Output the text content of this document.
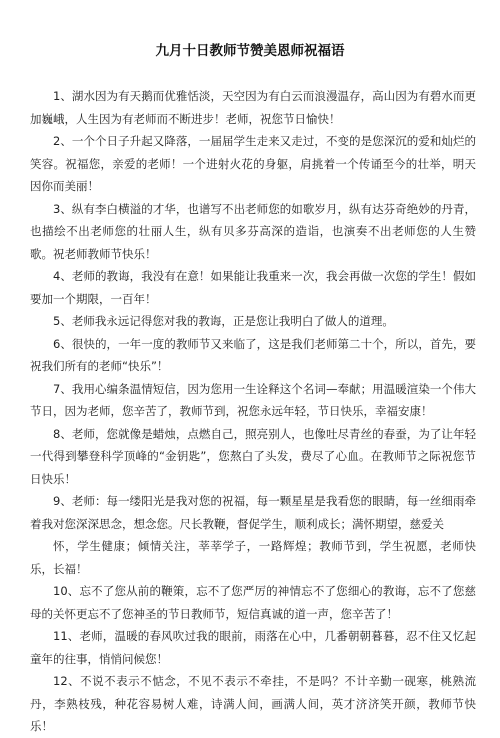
九月十日教师节赞美恩师祝福语

1、湖水因为有天鹅而优雅恬淡，天空因为有白云而浪漫温存，高山因为有碧水而更加巍峨，人生因为有老师而不断进步！老师，祝您节日愉快！

2、一个个日子升起又降落，一届届学生走来又走过，不变的是您深沉的爱和灿烂的笑容。祝福您，亲爱的老师！一个进射火花的身躯，肩挑着一个传诵至今的壮举，明天因你而美丽！

3、纵有李白横溢的才华，也谱写不出老师您的如歌岁月，纵有达芬奇绝妙的丹青，也描绘不出老师您的壮丽人生，纵有贝多芬高深的造诣，也演奏不出老师您的人生赞歌。祝老师教师节快乐！

4、老师的教诲，我没有在意！如果能让我重来一次，我会再做一次您的学生！假如要加一个期限，一百年！

5、老师我永远记得您对我的教诲，正是您让我明白了做人的道理。

6、很快的，一年一度的教师节又来临了，这是我们老师第二十个，所以，首先，要祝我们所有的老师“快乐”！

7、我用心编条温情短信，因为您用一生诠释这个名词—奉献；用温暖渲染一个伟大节日，因为老师，您辛苦了，教师节到，祝您永远年轻，节日快乐，幸福安康！

8、老师，您就像是蜡烛，点燃自己，照亮别人，也像吐尽青丝的春蚕，为了让年轻一代得到攀登科学顶峰的“金钥匙”，您熬白了头发，费尽了心血。在教师节之际祝您节日快乐！

9、老师：每一缕阳光是我对您的祝福，每一颗星星是我看您的眼睛，每一丝细雨牵着我对您深深思念，想念您。尺长教鞭，督促学生，顺利成长；满怀期望，慈爱关

怀，学生健康；倾情关注，莘莘学子，一路辉煌；教师节到，学生祝愿，老师快乐，长福！

10、忘不了您从前的鞭策，忘不了您严厉的神情忘不了您细心的教诲，忘不了您慈母的关怀更忘不了您神圣的节日教师节，短信真诚的道一声，您辛苦了！

11、老师，温暖的春风吹过我的眼前，雨落在心中，几番朝朝暮暮，忍不住又忆起童年的往事，悄悄问候您！

12、不说不表示不惦念，不见不表示不牵挂，不是吗？不计辛勤一砚寒，桃熟流丹，李熟枝残，种花容易树人难，诗满人间，画满人间，英才济济笑开颜，教师节快乐！
